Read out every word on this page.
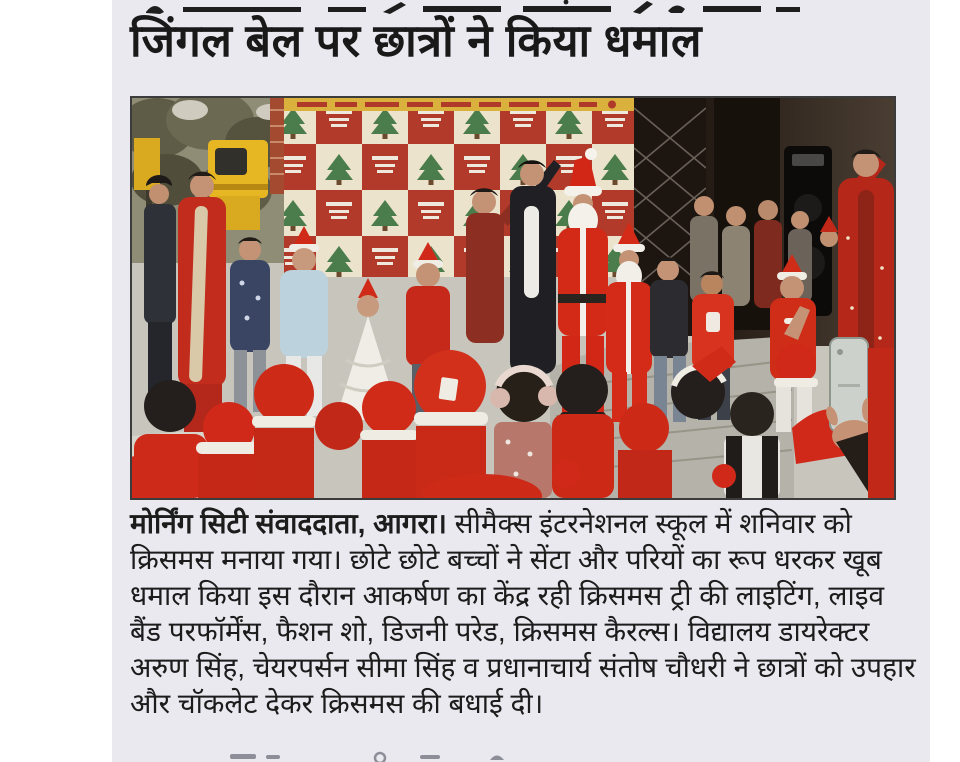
जिंगल बेल पर छात्रों ने किया धमाल
मोर्निंग सिटी संवाददाता, आगरा। सीमैक्स इंटरनेशनल स्कूल में शनिवार को
क्रिसमस मनाया गया। छोटे छोटे बच्चों ने सेंटा और परियों का रूप धरकर खूब
धमाल किया इस दौरान आकर्षण का केंद्र रही क्रिसमस ट्री की लाइटिंग, लाइव
बैंड परफॉर्मेंस, फैशन शो, डिजनी परेड, क्रिसमस कैरल्स। विद्यालय डायरेक्टर
अरुण सिंह, चेयरपर्सन सीमा सिंह व प्रधानाचार्य संतोष चौधरी ने छात्रों को उपहार
और चॉकलेट देकर क्रिसमस की बधाई दी।
